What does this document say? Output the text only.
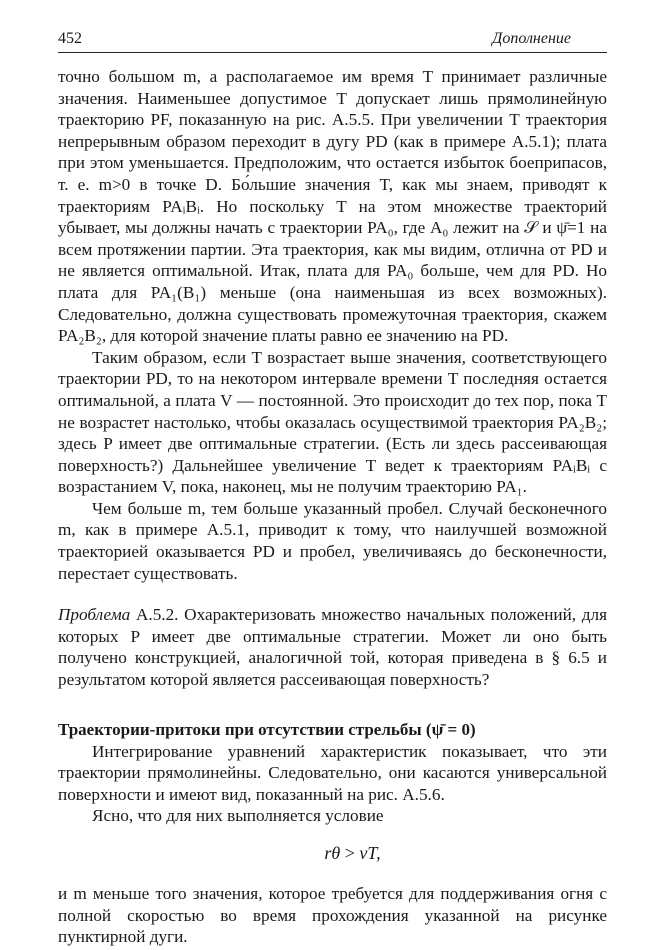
452	Дополнение

точно большом m, а располагаемое им время T принимает различные значения. Наименьшее допустимое T допускает лишь прямолинейную траекторию PF, показанную на рис. A.5.5. При увеличении T траектория непрерывным образом переходит в дугу PD (как в примере A.5.1); плата при этом уменьшается. Предположим, что остается избыток боеприпасов, т. е. m>0 в точке D. Бо́льшие значения T, как мы знаем, приводят к траекториям PAᵢBᵢ. Но поскольку T на этом множестве траекторий убывает, мы должны начать с траектории PA₀, где A₀ лежит на 𝒮 и ψ̄=1 на всем протяжении партии. Эта траектория, как мы видим, отлична от PD и не является оптимальной. Итак, плата для PA₀ больше, чем для PD. Но плата для PA₁(B₁) меньше (она наименьшая из всех возможных). Следовательно, должна существовать промежуточная траектория, скажем PA₂B₂, для которой значение платы равно ее значению на PD.

Таким образом, если T возрастает выше значения, соответствующего траектории PD, то на некотором интервале времени T последняя остается оптимальной, а плата V — постоянной. Это происходит до тех пор, пока T не возрастет настолько, чтобы оказалась осуществимой траектория PA₂B₂; здесь P имеет две оптимальные стратегии. (Есть ли здесь рассеивающая поверхность?) Дальнейшее увеличение T ведет к траекториям PAᵢBᵢ с возрастанием V, пока, наконец, мы не получим траекторию PA₁.

Чем больше m, тем больше указанный пробел. Случай бесконечного m, как в примере A.5.1, приводит к тому, что наилучшей возможной траекторией оказывается PD и пробел, увеличиваясь до бесконечности, перестает существовать.

Проблема A.5.2. Охарактеризовать множество начальных положений, для которых P имеет две оптимальные стратегии. Может ли оно быть получено конструкцией, аналогичной той, которая приведена в § 6.5 и результатом которой является рассеивающая поверхность?

Траектории-притоки при отсутствии стрельбы (ψ̄ = 0)

Интегрирование уравнений характеристик показывает, что эти траектории прямолинейны. Следовательно, они касаются универсальной поверхности и имеют вид, показанный на рис. A.5.6.

Ясно, что для них выполняется условие

rθ > vT,

и m меньше того значения, которое требуется для поддерживания огня с полной скоростью во время прохождения указанной на рисунке пунктирной дуги.
